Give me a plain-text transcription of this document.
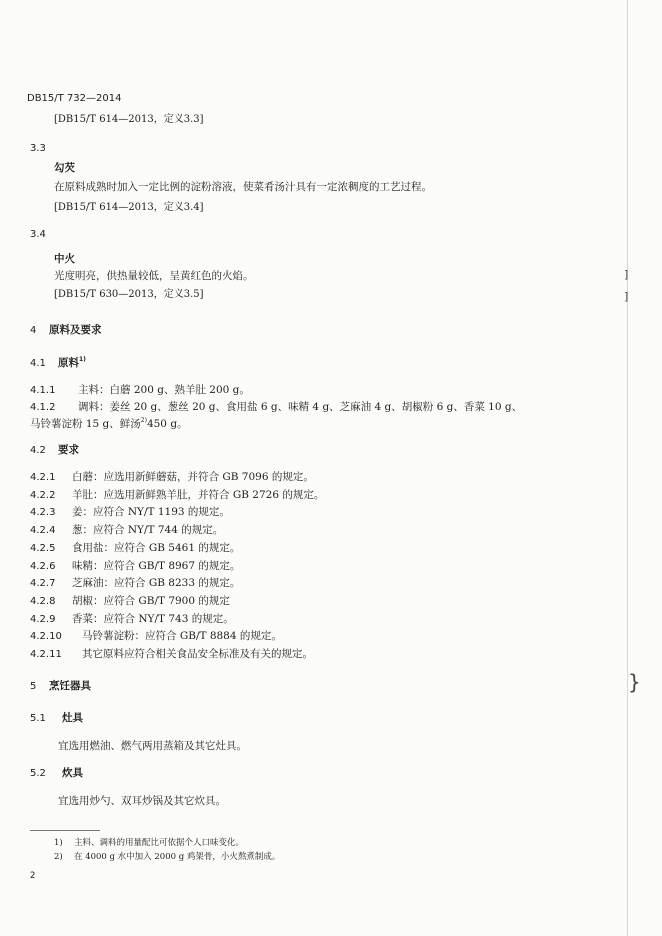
]
]
}
DB15/T 732—2014
[DB15/T 614—2013，定义3.3]
3.3
勾芡
在原料成熟时加入一定比例的淀粉溶液，使菜肴汤汁具有一定浓稠度的工艺过程。
[DB15/T 614—2013，定义3.4]
3.4
中火
光度明亮，供热量较低，呈黄红色的火焰。
[DB15/T 630—2013，定义3.5]
4 原料及要求
4.1 原料$^{1)}$
4.1.1 主料：白蘑 200 g、熟羊肚 200 g。
4.1.2 调料：姜丝 20 g、葱丝 20 g、食用盐 6 g、味精 4 g、芝麻油 4 g、胡椒粉 6 g、香菜 10 g、
马铃薯淀粉 15 g、鲜汤$^{2)}$450 g。
4.2 要求
4.2.1 白蘑：应选用新鲜蘑菇，并符合 GB 7096 的规定。
4.2.2 羊肚：应选用新鲜熟羊肚，并符合 GB 2726 的规定。
4.2.3 姜：应符合 NY/T 1193 的规定。
4.2.4 葱：应符合 NY/T 744 的规定。
4.2.5 食用盐：应符合 GB 5461 的规定。
4.2.6 味精：应符合 GB/T 8967 的规定。
4.2.7 芝麻油：应符合 GB 8233 的规定。
4.2.8 胡椒：应符合 GB/T 7900 的规定
4.2.9 香菜：应符合 NY/T 743 的规定。
4.2.10 马铃薯淀粉：应符合 GB/T 8884 的规定。
4.2.11 其它原料应符合相关食品安全标准及有关的规定。
5 烹饪器具
5.1 灶具
宜选用燃油、燃气两用蒸箱及其它灶具。
5.2 炊具
宜选用炒勺、双耳炒锅及其它炊具。
1) 主料、调料的用量配比可依据个人口味变化。
2) 在 4000 g 水中加入 2000 g 鸡架骨，小火熬煮制成。
2
